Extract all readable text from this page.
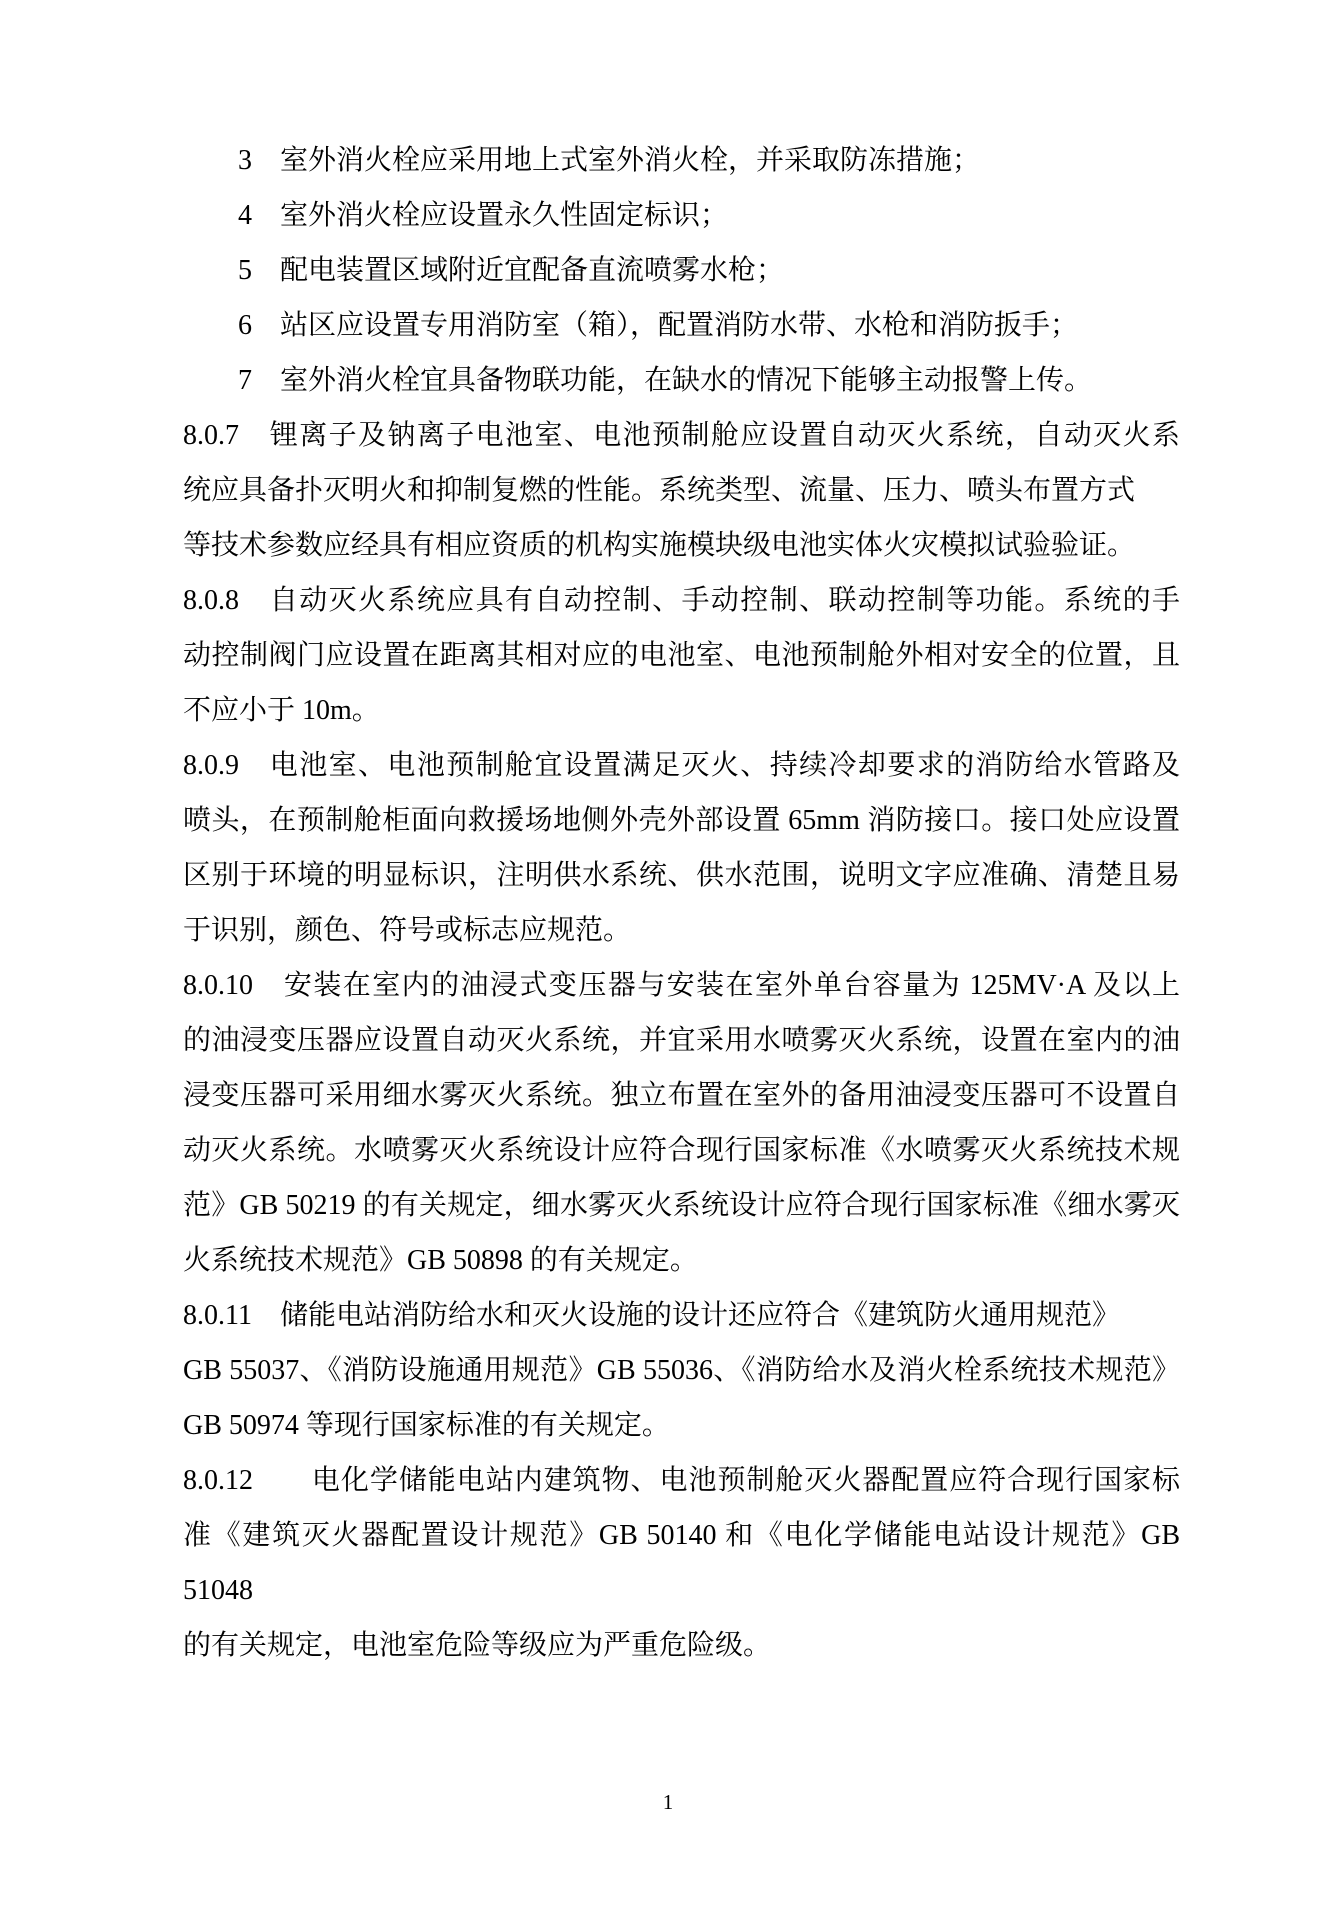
3　室外消火栓应采用地上式室外消火栓，并采取防冻措施；
4　室外消火栓应设置永久性固定标识；
5　配电装置区域附近宜配备直流喷雾水枪；
6　站区应设置专用消防室（箱），配置消防水带、水枪和消防扳手；
7　室外消火栓宜具备物联功能，在缺水的情况下能够主动报警上传。
8.0.7　锂离子及钠离子电池室、电池预制舱应设置自动灭火系统，自动灭火系
统应具备扑灭明火和抑制复燃的性能。系统类型、流量、压力、喷头布置方式
等技术参数应经具有相应资质的机构实施模块级电池实体火灾模拟试验验证。
8.0.8　自动灭火系统应具有自动控制、手动控制、联动控制等功能。系统的手
动控制阀门应设置在距离其相对应的电池室、电池预制舱外相对安全的位置，且
不应小于 10m。
8.0.9　电池室、电池预制舱宜设置满足灭火、持续冷却要求的消防给水管路及
喷头，在预制舱柜面向救援场地侧外壳外部设置 65mm 消防接口。接口处应设置
区别于环境的明显标识，注明供水系统、供水范围，说明文字应准确、清楚且易
于识别，颜色、符号或标志应规范。
8.0.10　安装在室内的油浸式变压器与安装在室外单台容量为 125MV·A 及以上
的油浸变压器应设置自动灭火系统，并宜采用水喷雾灭火系统，设置在室内的油
浸变压器可采用细水雾灭火系统。独立布置在室外的备用油浸变压器可不设置自
动灭火系统。水喷雾灭火系统设计应符合现行国家标准《水喷雾灭火系统技术规
范》GB 50219 的有关规定，细水雾灭火系统设计应符合现行国家标准《细水雾灭
火系统技术规范》GB 50898 的有关规定。
8.0.11　储能电站消防给水和灭火设施的设计还应符合《建筑防火通用规范》
GB 55037、《消防设施通用规范》GB 55036、《消防给水及消火栓系统技术规范》
GB 50974 等现行国家标准的有关规定。
8.0.12　　电化学储能电站内建筑物、电池预制舱灭火器配置应符合现行国家标
准《建筑灭火器配置设计规范》GB 50140 和《电化学储能电站设计规范》GB 51048
的有关规定，电池室危险等级应为严重危险级。
1
